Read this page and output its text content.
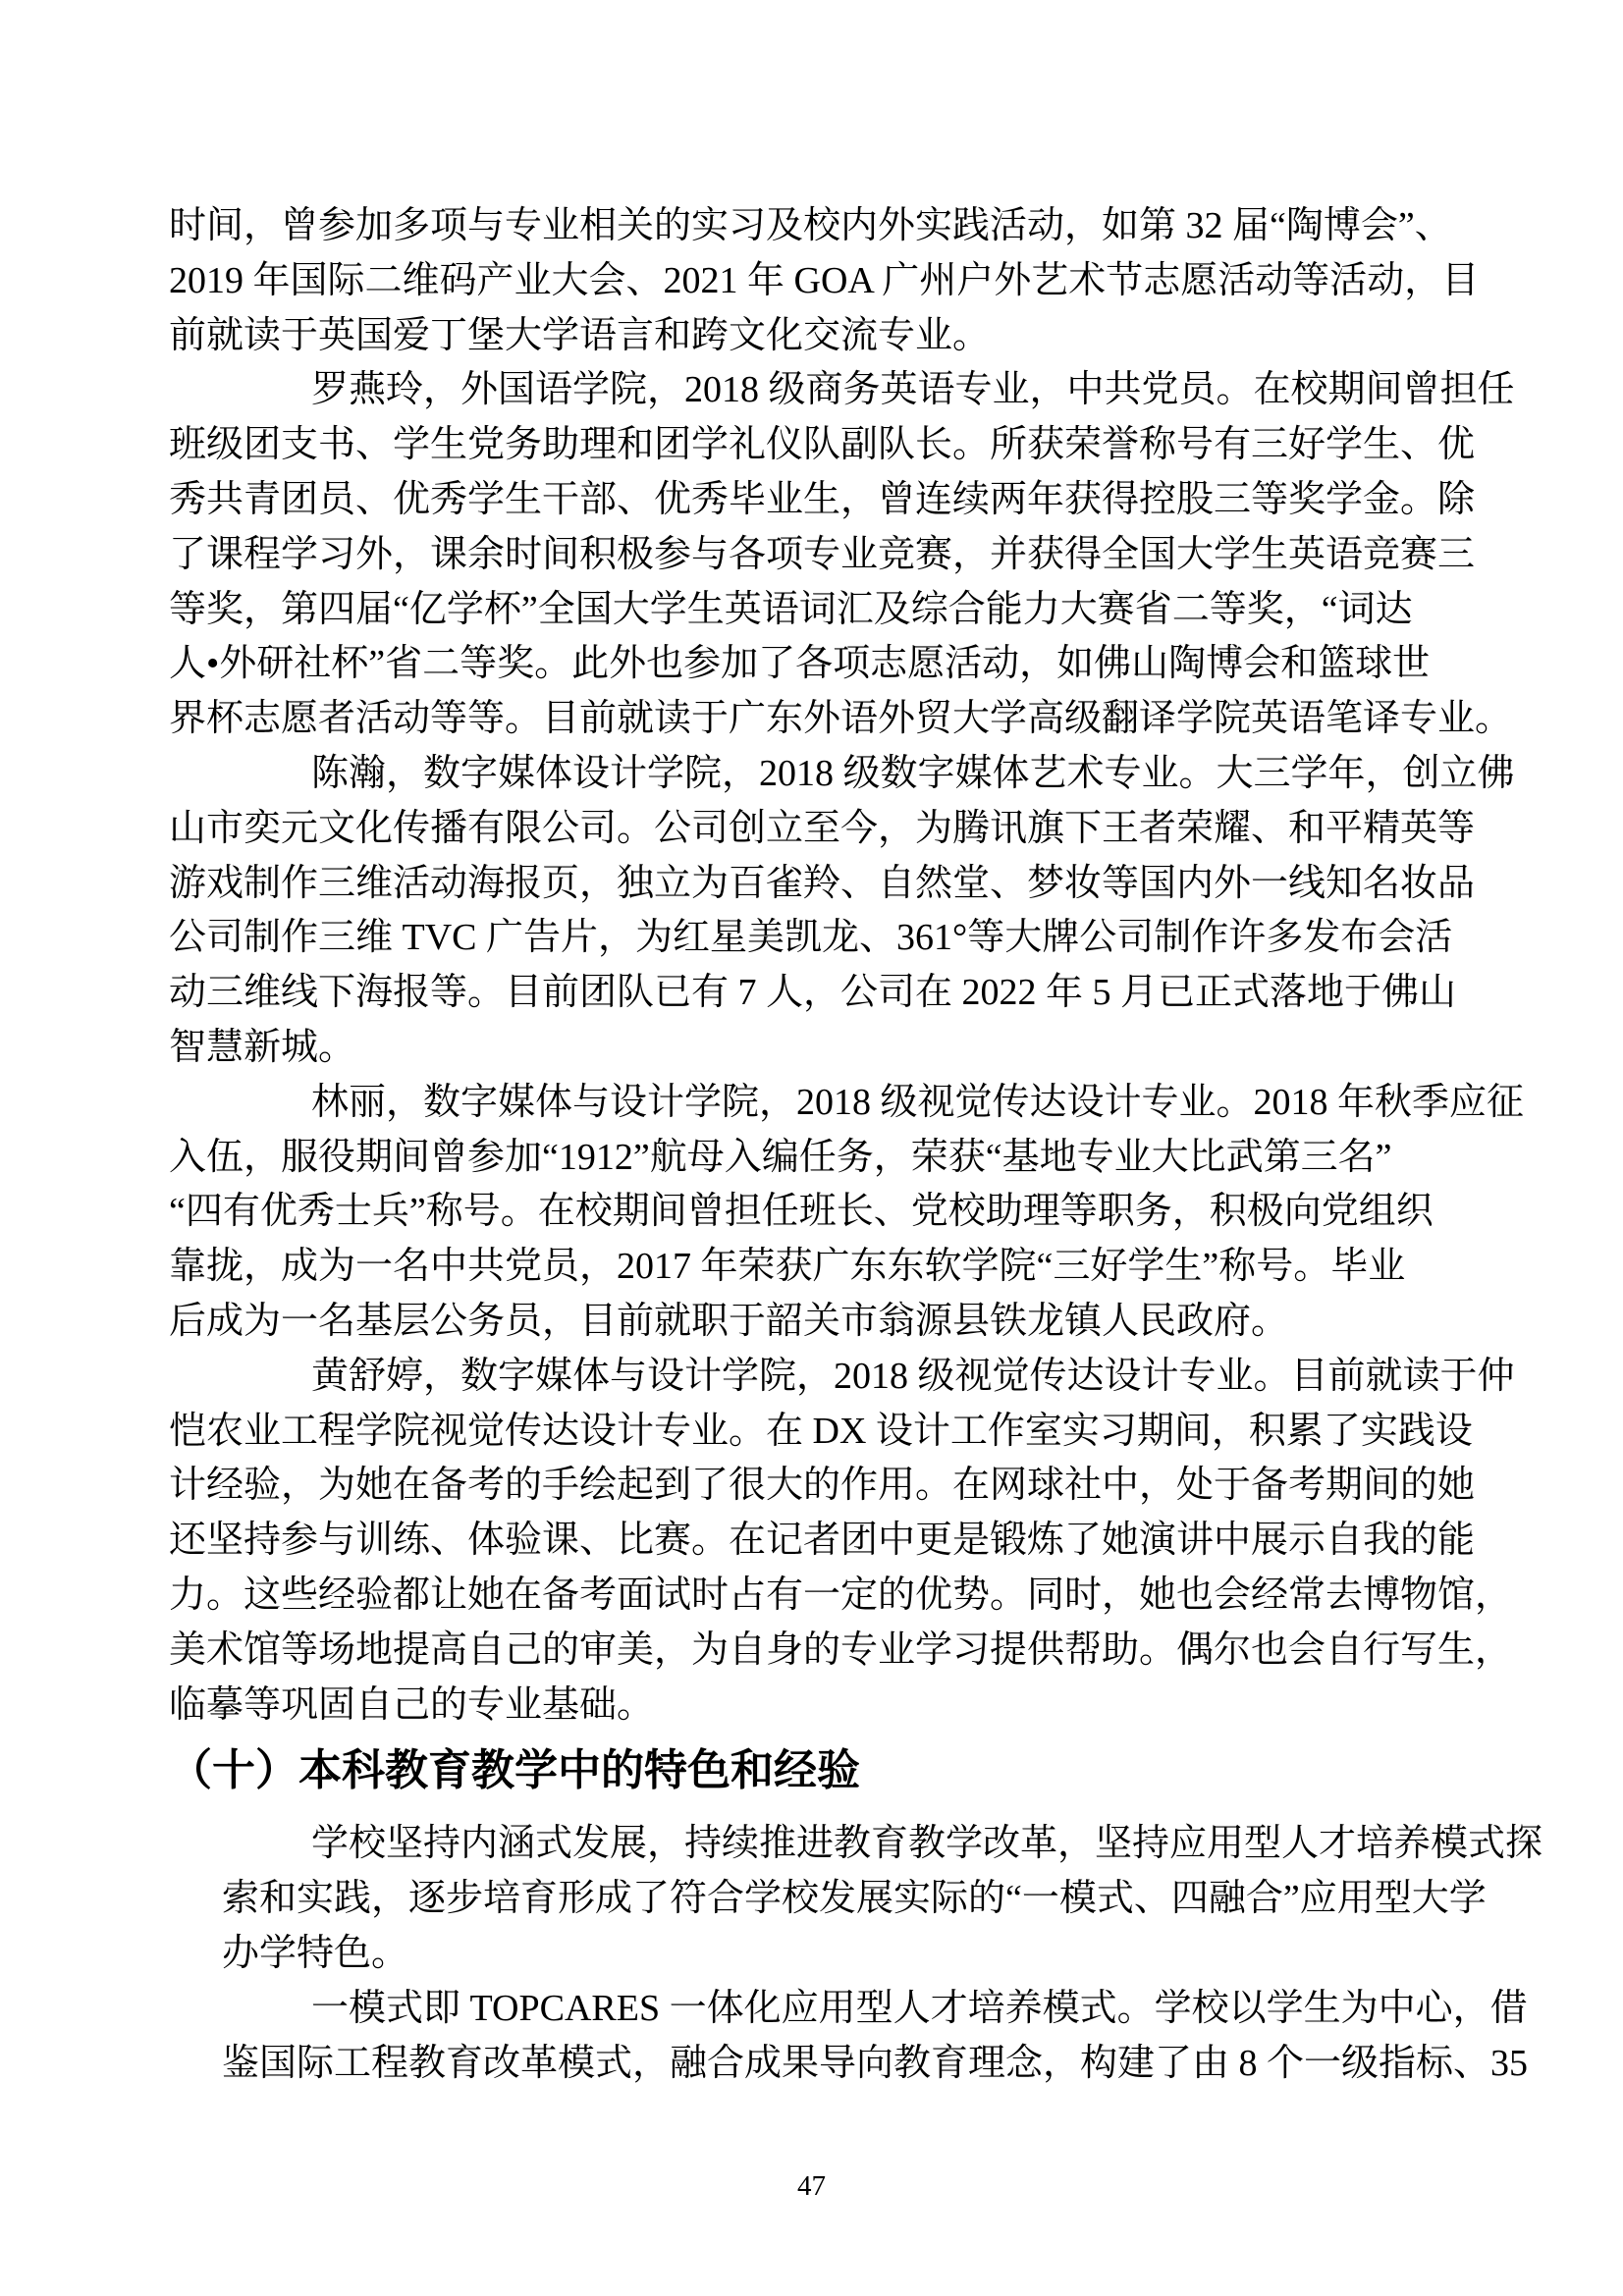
时间，曾参加多项与专业相关的实习及校内外实践活动，如第 32 届“陶博会”、
2019 年国际二维码产业大会、2021 年 GOA 广州户外艺术节志愿活动等活动，目
前就读于英国爱丁堡大学语言和跨文化交流专业。
罗燕玲，外国语学院，2018 级商务英语专业，中共党员。在校期间曾担任
班级团支书、学生党务助理和团学礼仪队副队长。所获荣誉称号有三好学生、优
秀共青团员、优秀学生干部、优秀毕业生，曾连续两年获得控股三等奖学金。除
了课程学习外，课余时间积极参与各项专业竞赛，并获得全国大学生英语竞赛三
等奖，第四届“亿学杯”全国大学生英语词汇及综合能力大赛省二等奖，“词达
人•外研社杯”省二等奖。此外也参加了各项志愿活动，如佛山陶博会和篮球世
界杯志愿者活动等等。目前就读于广东外语外贸大学高级翻译学院英语笔译专业。
陈瀚，数字媒体设计学院，2018 级数字媒体艺术专业。大三学年，创立佛
山市奕元文化传播有限公司。公司创立至今，为腾讯旗下王者荣耀、和平精英等
游戏制作三维活动海报页，独立为百雀羚、自然堂、梦妆等国内外一线知名妆品
公司制作三维 TVC 广告片，为红星美凯龙、361°等大牌公司制作许多发布会活
动三维线下海报等。目前团队已有 7 人，公司在 2022 年 5 月已正式落地于佛山
智慧新城。
林丽，数字媒体与设计学院，2018 级视觉传达设计专业。2018 年秋季应征
入伍，服役期间曾参加“1912”航母入编任务，荣获“基地专业大比武第三名”
“四有优秀士兵”称号。在校期间曾担任班长、党校助理等职务，积极向党组织
靠拢，成为一名中共党员，2017 年荣获广东东软学院“三好学生”称号。毕业
后成为一名基层公务员，目前就职于韶关市翁源县铁龙镇人民政府。
黄舒婷，数字媒体与设计学院，2018 级视觉传达设计专业。目前就读于仲
恺农业工程学院视觉传达设计专业。在 DX 设计工作室实习期间，积累了实践设
计经验，为她在备考的手绘起到了很大的作用。在网球社中，处于备考期间的她
还坚持参与训练、体验课、比赛。在记者团中更是锻炼了她演讲中展示自我的能
力。这些经验都让她在备考面试时占有一定的优势。同时，她也会经常去博物馆，
美术馆等场地提高自己的审美，为自身的专业学习提供帮助。偶尔也会自行写生，
临摹等巩固自己的专业基础。
（十）本科教育教学中的特色和经验
学校坚持内涵式发展，持续推进教育教学改革，坚持应用型人才培养模式探
索和实践，逐步培育形成了符合学校发展实际的“一模式、四融合”应用型大学
办学特色。
一模式即 TOPCARES 一体化应用型人才培养模式。学校以学生为中心，借
鉴国际工程教育改革模式，融合成果导向教育理念，构建了由 8 个一级指标、35
47
